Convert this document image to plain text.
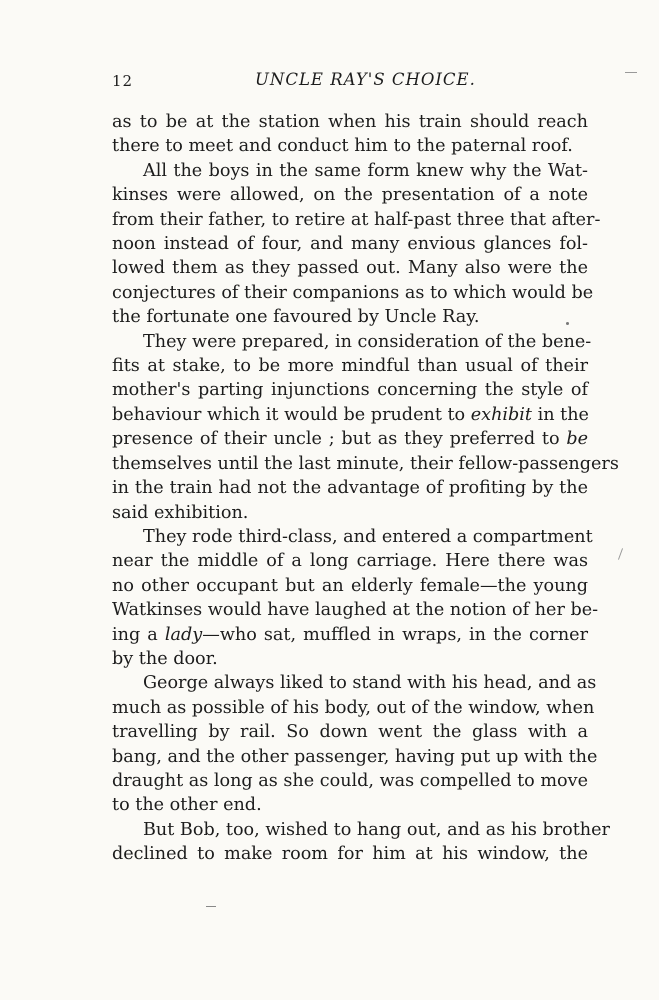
12	UNCLE RAY'S CHOICE.

as to be at the station when his train should reach
there to meet and conduct him to the paternal roof.

All the boys in the same form knew why the Wat-
kinses were allowed, on the presentation of a note
from their father, to retire at half-past three that after-
noon instead of four, and many envious glances fol-
lowed them as they passed out. Many also were the
conjectures of their companions as to which would be
the fortunate one favoured by Uncle Ray.

They were prepared, in consideration of the bene-
fits at stake, to be more mindful than usual of their
mother's parting injunctions concerning the style of
behaviour which it would be prudent to exhibit in the
presence of their uncle ; but as they preferred to be
themselves until the last minute, their fellow-passengers
in the train had not the advantage of profiting by the
said exhibition.

They rode third-class, and entered a compartment
near the middle of a long carriage. Here there was
no other occupant but an elderly female—the young
Watkinses would have laughed at the notion of her be-
ing a lady—who sat, muffled in wraps, in the corner
by the door.

George always liked to stand with his head, and as
much as possible of his body, out of the window, when
travelling by rail. So down went the glass with a
bang, and the other passenger, having put up with the
draught as long as she could, was compelled to move
to the other end.

But Bob, too, wished to hang out, and as his brother
declined to make room for him at his window, the
